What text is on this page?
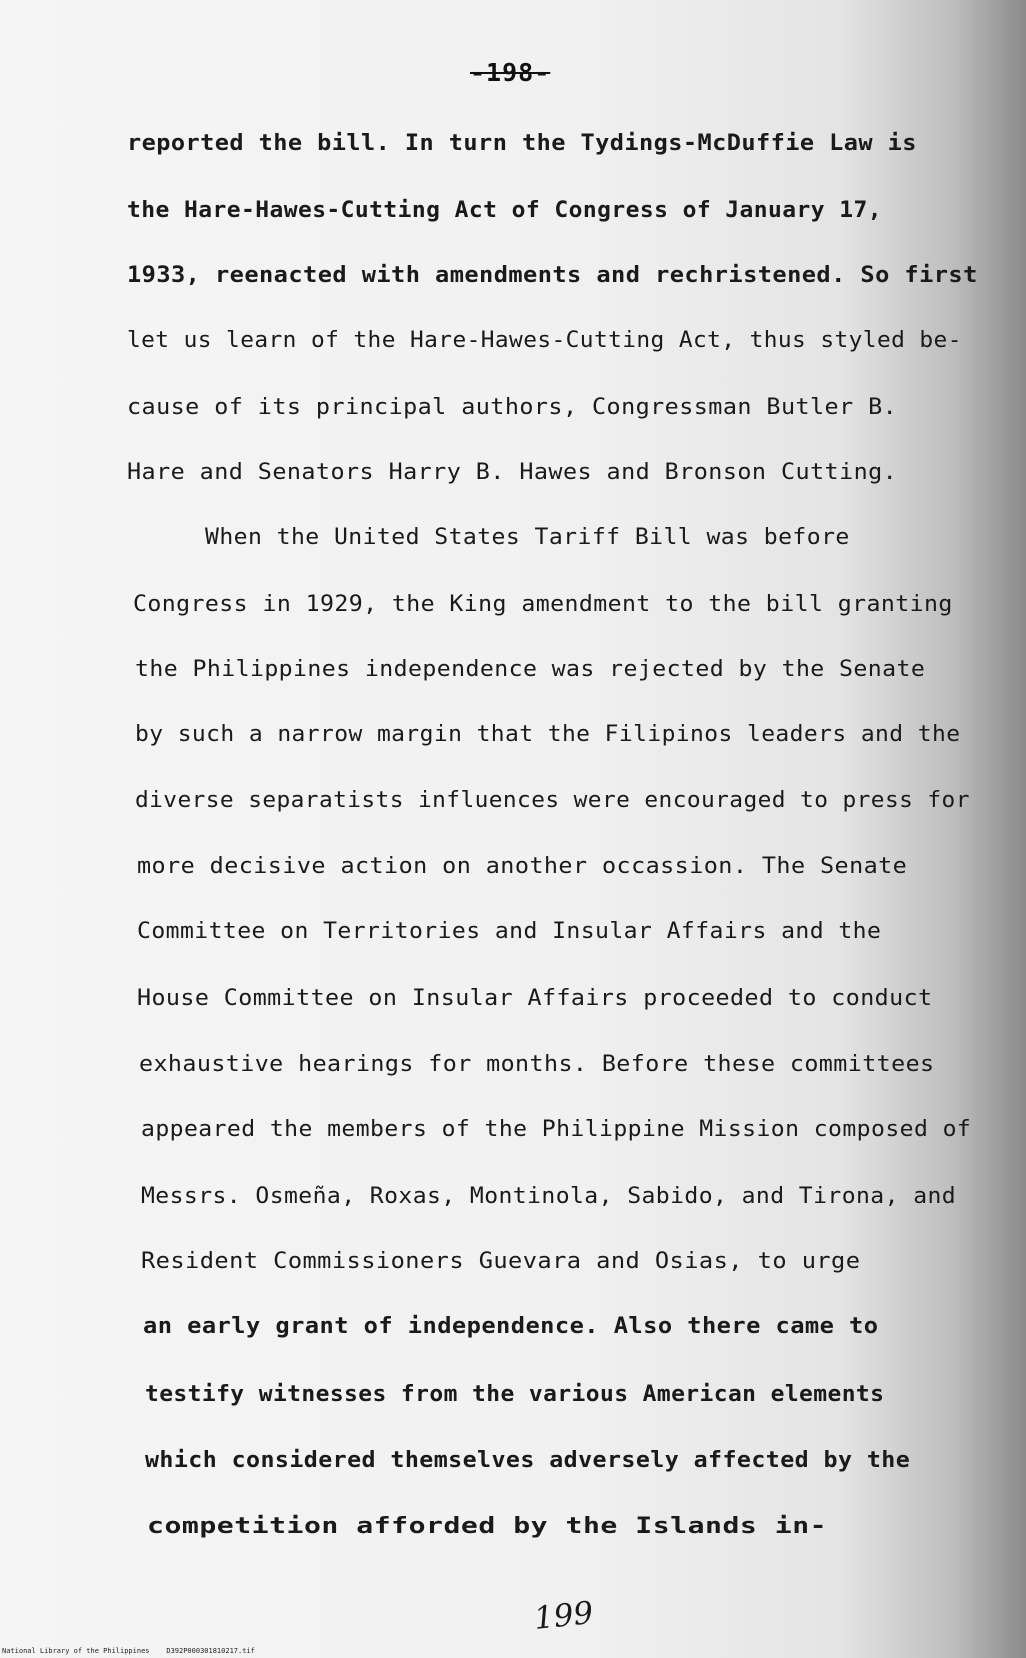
-198-

reported the bill. In turn the Tydings-McDuffie Law is

the Hare-Hawes-Cutting Act of Congress of January 17,

1933, reenacted with amendments and rechristened. So first

let us learn of the Hare-Hawes-Cutting Act, thus styled be-

cause of its principal authors, Congressman Butler B.

Hare and Senators Harry B. Hawes and Bronson Cutting.

When the United States Tariff Bill was before

Congress in 1929, the King amendment to the bill granting

the Philippines independence was rejected by the Senate

by such a narrow margin that the Filipinos leaders and the

diverse separatists influences were encouraged to press for

more decisive action on another occassion. The Senate

Committee on Territories and Insular Affairs and the

House Committee on Insular Affairs proceeded to conduct

exhaustive hearings for months. Before these committees

appeared the members of the Philippine Mission composed of

Messrs. Osmeña, Roxas, Montinola, Sabido, and Tirona, and

Resident Commissioners Guevara and Osias, to urge

an early grant of independence. Also there came to

testify witnesses from the various American elements

which considered themselves adversely affected by the

competition afforded by the Islands in-

199
National Library of the Philippines    D392P000301810217.tif
